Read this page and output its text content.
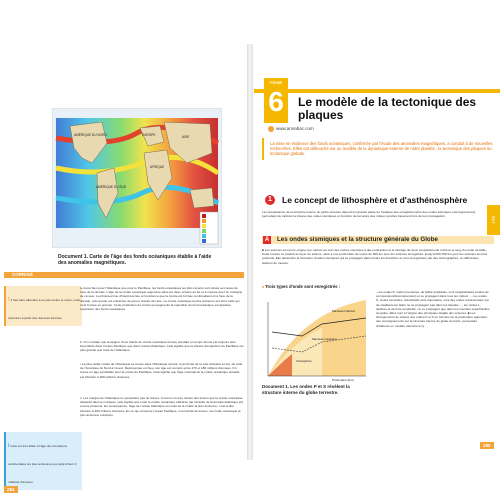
AMÉRIQUE DU NORD	EUROPE	ASIE
AFRIQUE
AMÉRIQUE DU SUD
Document 1. Carte de l'âge des fonds océaniques établie à l'aide des anomalies magnétiques.
CORRIGÉ
!Il faut faire attention à ne pas réciter le cours, mais raisonner à partir des données fournies.
iCela est très fidèle à l'âge des formations continentales les plus anciennes qui approchent 4 milliards d'années.
a. Aussi bien pour l'Atlantique que pour le Pacifique, les fonds océaniques les plus récents sont situés au niveau de l'axe de la dorsale. L'âge de la croûte océanique augmente dans les deux océans au fur et à mesure que l'on s'éloigne de cet axe. La photosomme d'interprète lieu et fonctionne que la croûte est formée continuellement à l'axe de la dorsale, puis qu'elle est entraînée de part et d'autre de l'axe. La croûte océanique la plus ancienne est donc celle qui s'est formée en premier. Cette production de croûte qui augmente la superficie du fond océanique est appelée expansion des fonds océaniques.
b. On constate que la largeur d'une bande de croûte océanique formée pendant un temps donné est toujours plus importante dans l'océan Pacifique que dans l'océan Atlantique. Cela signifie que la vitesse d'expansion du Pacifique est plus grande que celle de l'Atlantique.
• La plus vieille croûte de l'Atlantique se trouve dans l'Atlantique central, à proximité de la côte africaine à l'est, de celle de l'Amérique du Nord à l'ouest. Représentée en bleu, son âge est compris entre 170 et 180 millions d'années. On trouve un âge semblable pour la croûte du Pacifique. Cela signifie que l'âge maximal de la croûte océanique actuelle est inférieur à 200 millions d'années.
c. Les marges de l'Atlantique ne possèdent pas de fosses. Comme c'est au niveau des fosses que la croûte océanique disparaît dans le manteau, cela signifie que toute la croûte océanique élaborée par l'activité de la dorsale atlantique est encore présente. En conséquence, l'âge de l'océan Atlantique est celui de la croûte la plus ancienne, c'est-à-dire inférieur à 200 millions d'années. En ce qui concerne l'océan Pacifique, il est bordé de fosses, sa croûte océanique la plus ancienne a disparu.
284
FICHE
6	Le modèle de la tectonique des plaques
www.annabac.com
La mise en évidence des fonds océaniques, confirmée par l'étude des anomalies magnétiques, a conduit à de nouvelles recherches. Elles ont débouché sur un modèle de la dynamique externe de notre planète : la tectonique des plaques ou tectonique globale.
1	Le concept de lithosphère et d'asthénosphère
La connaissance de la structure interne du globe terrestre dépend en grande partie de l'analyse des enregistrements des ondes sismiques (sismogrammes) permettant de calculer la vitesse des ondes sismiques en fonction de la nature des milieux qu'elles traversent lors de leur propagation.
A Les ondes sismiques et la structure générale du Globe
■ Les séismes sont pour origine une rupture au sein des roches soumises à des contraintes et le blocage de deux compartiments rocheux le long d'un plan de faille. Cette rupture se produit au foyer du séisme, situé à une profondeur de moins de 600 km pour les séismes enregistrés, jusqu'à 600-700 km pour les séismes les plus profonds. Elle déclenche la formation d'ondes sismiques qui se propagent dans toutes les directions et sont enregistrées par des sismographes, en différentes stations de mesure.
■ Trois types d'onde sont enregistrés :
Lithosphère
Manteau supérieur
Manteau inférieur
Profondeur (km)
Document 1. Les ondes P et S révèlent la structure interne du globe terrestre.
– les ondes P, ondes premières, de faible amplitude, sont longitudinales (ondes de compression/décompression) et se propagent dans tous les milieux ; – les ondes S, ondes secondes, d'amplitude plus importante, sont des ondes transversales (ou de cisaillement). Elles ne se propagent pas dans les liquides ; – les ondes L, tardives et de forte amplitude, ne se propagent que dans les couches superficielles du globe. Elles sont à l'origine des principaux dégâts des séismes. ■ Les changements de vitesse des ondes P et S en fonction de la profondeur apportent des renseignements sur la structure interne du globe terrestre, permettant d'élaborer un modèle (document 1).
SVT
285
